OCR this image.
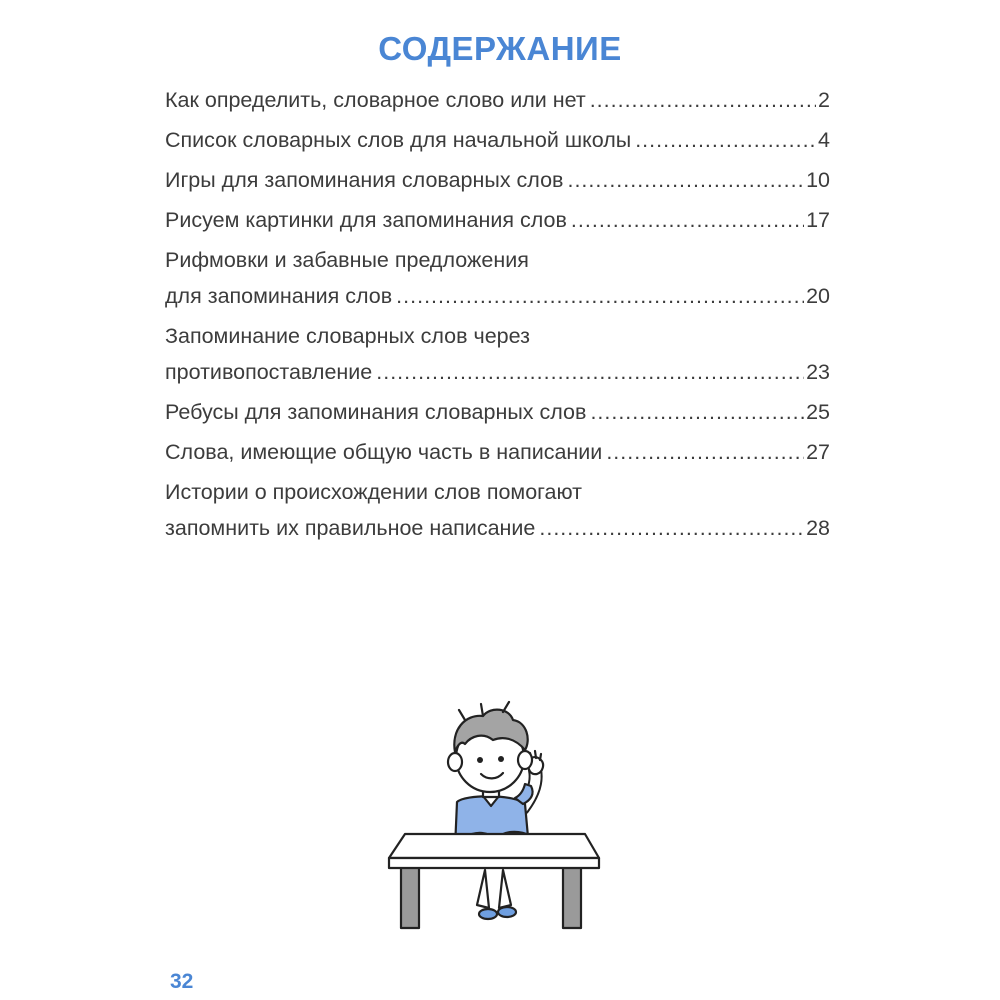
СОДЕРЖАНИЕ
Как определить, словарное слово или нет .....	2
Список словарных слов для начальной школы .....	4
Игры для запоминания словарных слов .....	10
Рисуем картинки для запоминания слов .....	17
Рифмовки и забавные предложения
для запоминания слов .....	20
Запоминание словарных слов через
противопоставление .....	23
Ребусы для запоминания словарных слов .....	25
Слова, имеющие общую часть в написании .....	27
Истории о происхождении слов помогают
запомнить их правильное написание .....	28
32
